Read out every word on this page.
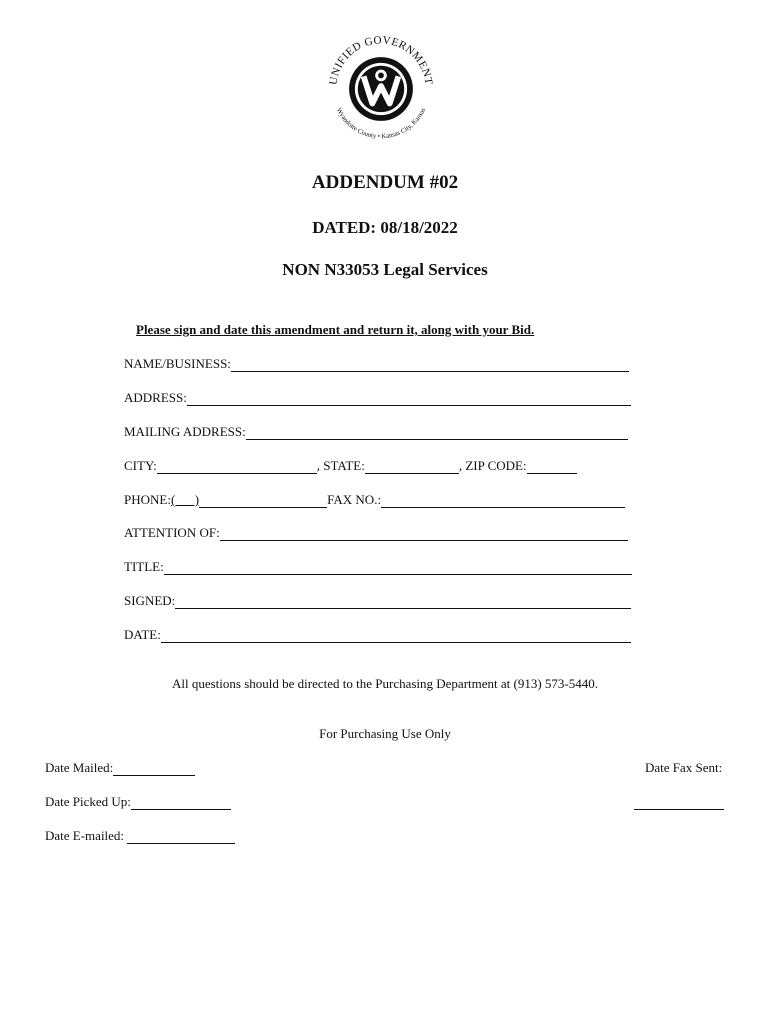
UNIFIED GOVERNMENT
Wyandotte County • Kansas City, Kansas
ADDENDUM #02
DATED: 08/18/2022
NON N33053 Legal Services
Please sign and date this amendment and return it, along with your Bid.
NAME/BUSINESS:
ADDRESS:
MAILING ADDRESS:
CITY:	, STATE:	, ZIP CODE:
PHONE: (      )	FAX NO.:
ATTENTION OF:
TITLE:
SIGNED:
DATE:
All questions should be directed to the Purchasing Department at (913) 573-5440.
For Purchasing Use Only
Date Mailed:	Date Fax Sent:
Date Picked Up:
Date E-mailed:
